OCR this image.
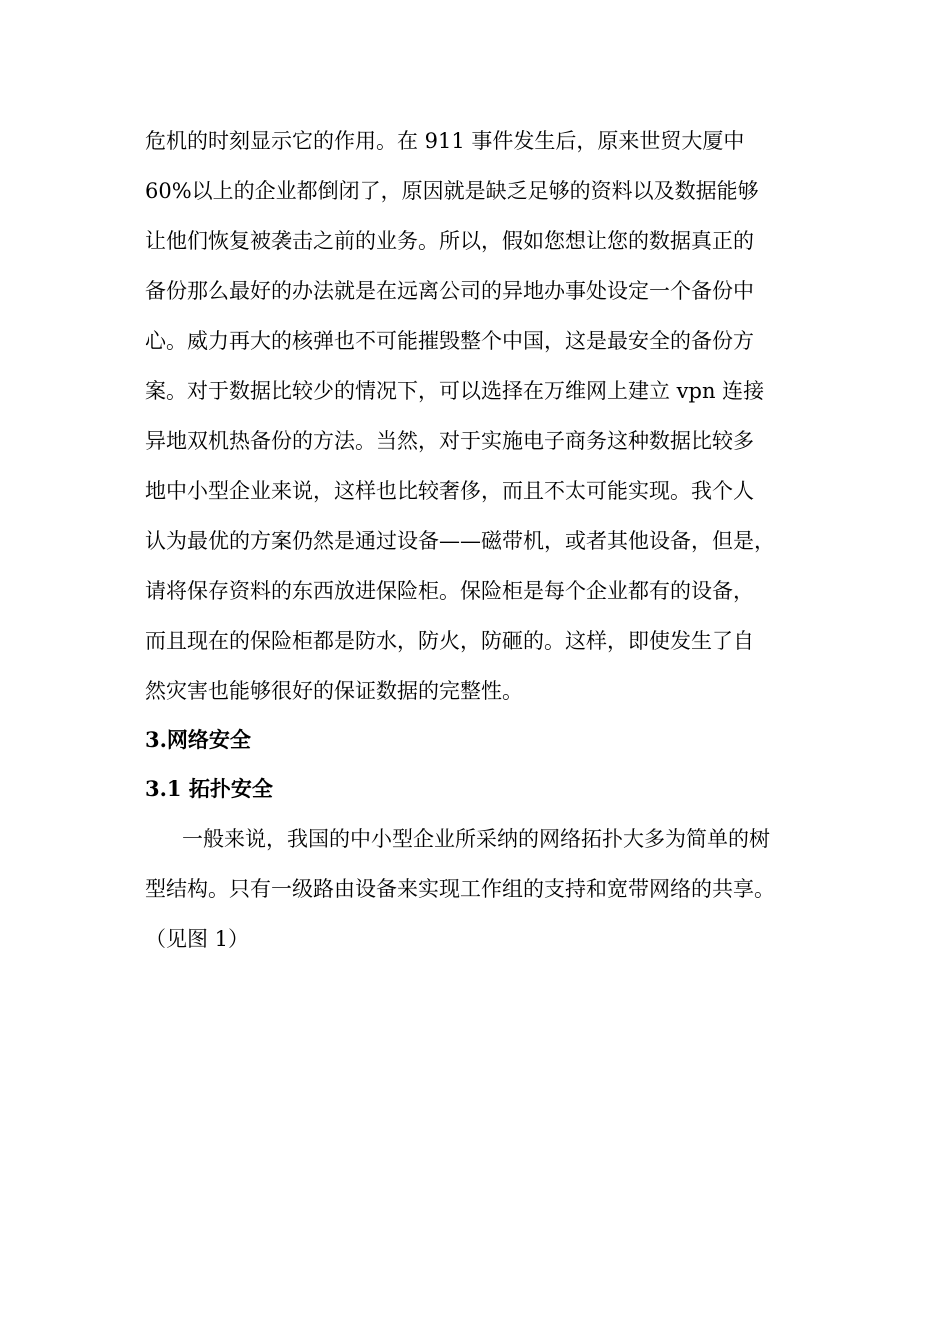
危机的时刻显示它的作用。在 911 事件发生后，原来世贸大厦中
60%以上的企业都倒闭了，原因就是缺乏足够的资料以及数据能够
让他们恢复被袭击之前的业务。所以，假如您想让您的数据真正的
备份那么最好的办法就是在远离公司的异地办事处设定一个备份中
心。威力再大的核弹也不可能摧毁整个中国，这是最安全的备份方
案。对于数据比较少的情况下，可以选择在万维网上建立 vpn 连接
异地双机热备份的方法。当然，对于实施电子商务这种数据比较多
地中小型企业来说，这样也比较奢侈，而且不太可能实现。我个人
认为最优的方案仍然是通过设备——磁带机，或者其他设备，但是，
请将保存资料的东西放进保险柜。保险柜是每个企业都有的设备，
而且现在的保险柜都是防水，防火，防砸的。这样，即使发生了自
然灾害也能够很好的保证数据的完整性。
3.网络安全
3.1 拓扑安全
一般来说，我国的中小型企业所采纳的网络拓扑大多为简单的树
型结构。只有一级路由设备来实现工作组的支持和宽带网络的共享。
（见图 1）
